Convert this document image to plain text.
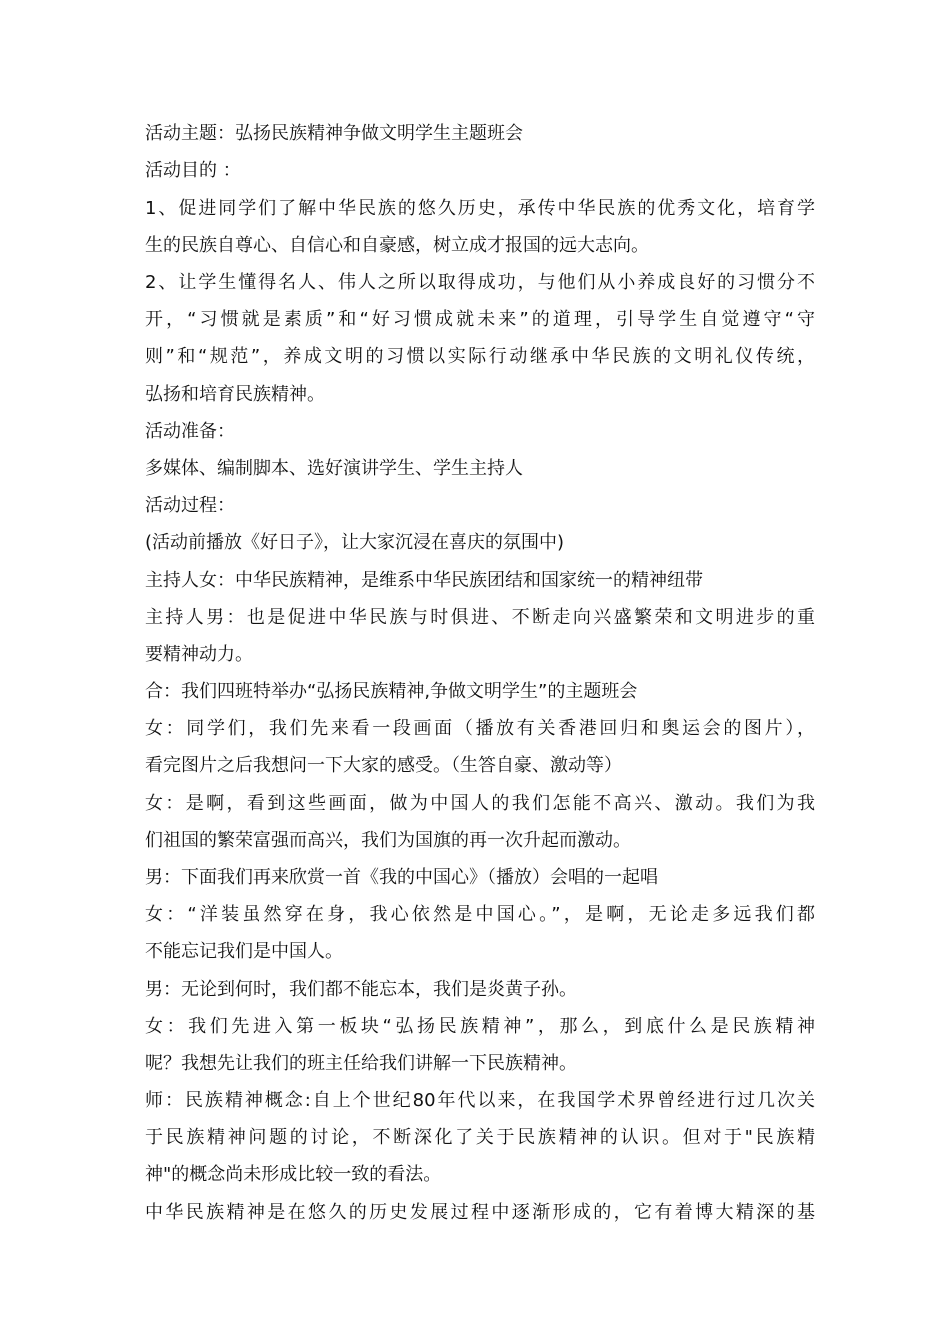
活动主题：弘扬民族精神争做文明学生主题班会
活动目的 ：
1、促进同学们了解中华民族的悠久历史，承传中华民族的优秀文化，培育学
生的民族自尊心、自信心和自豪感，树立成才报国的远大志向。
2、让学生懂得名人、伟人之所以取得成功，与他们从小养成良好的习惯分不
开，“习惯就是素质”和“好习惯成就未来”的道理，引导学生自觉遵守“守
则”和“规范”，养成文明的习惯以实际行动继承中华民族的文明礼仪传统，
弘扬和培育民族精神。
活动准备：
多媒体、编制脚本、选好演讲学生、学生主持人
活动过程：
(活动前播放《好日子》，让大家沉浸在喜庆的氛围中)
主持人女：中华民族精神，是维系中华民族团结和国家统一的精神纽带
主持人男：也是促进中华民族与时俱进、不断走向兴盛繁荣和文明进步的重
要精神动力。
合：我们四班特举办“弘扬民族精神,争做文明学生”的主题班会
女：同学们，我们先来看一段画面（播放有关香港回归和奥运会的图片），
看完图片之后我想问一下大家的感受。（生答自豪、激动等）
女：是啊，看到这些画面，做为中国人的我们怎能不高兴、激动。我们为我
们祖国的繁荣富强而高兴，我们为国旗的再一次升起而激动。
男：下面我们再来欣赏一首《我的中国心》（播放）会唱的一起唱
女：“洋装虽然穿在身，我心依然是中国心。”，是啊，无论走多远我们都
不能忘记我们是中国人。
男：无论到何时，我们都不能忘本，我们是炎黄子孙。
女：我们先进入第一板块“弘扬民族精神”，那么，到底什么是民族精神
呢？我想先让我们的班主任给我们讲解一下民族精神。
师：民族精神概念:自上个世纪80年代以来，在我国学术界曾经进行过几次关
于民族精神问题的讨论，不断深化了关于民族精神的认识。但对于"民族精
神"的概念尚未形成比较一致的看法。
中华民族精神是在悠久的历史发展过程中逐渐形成的，它有着博大精深的基
